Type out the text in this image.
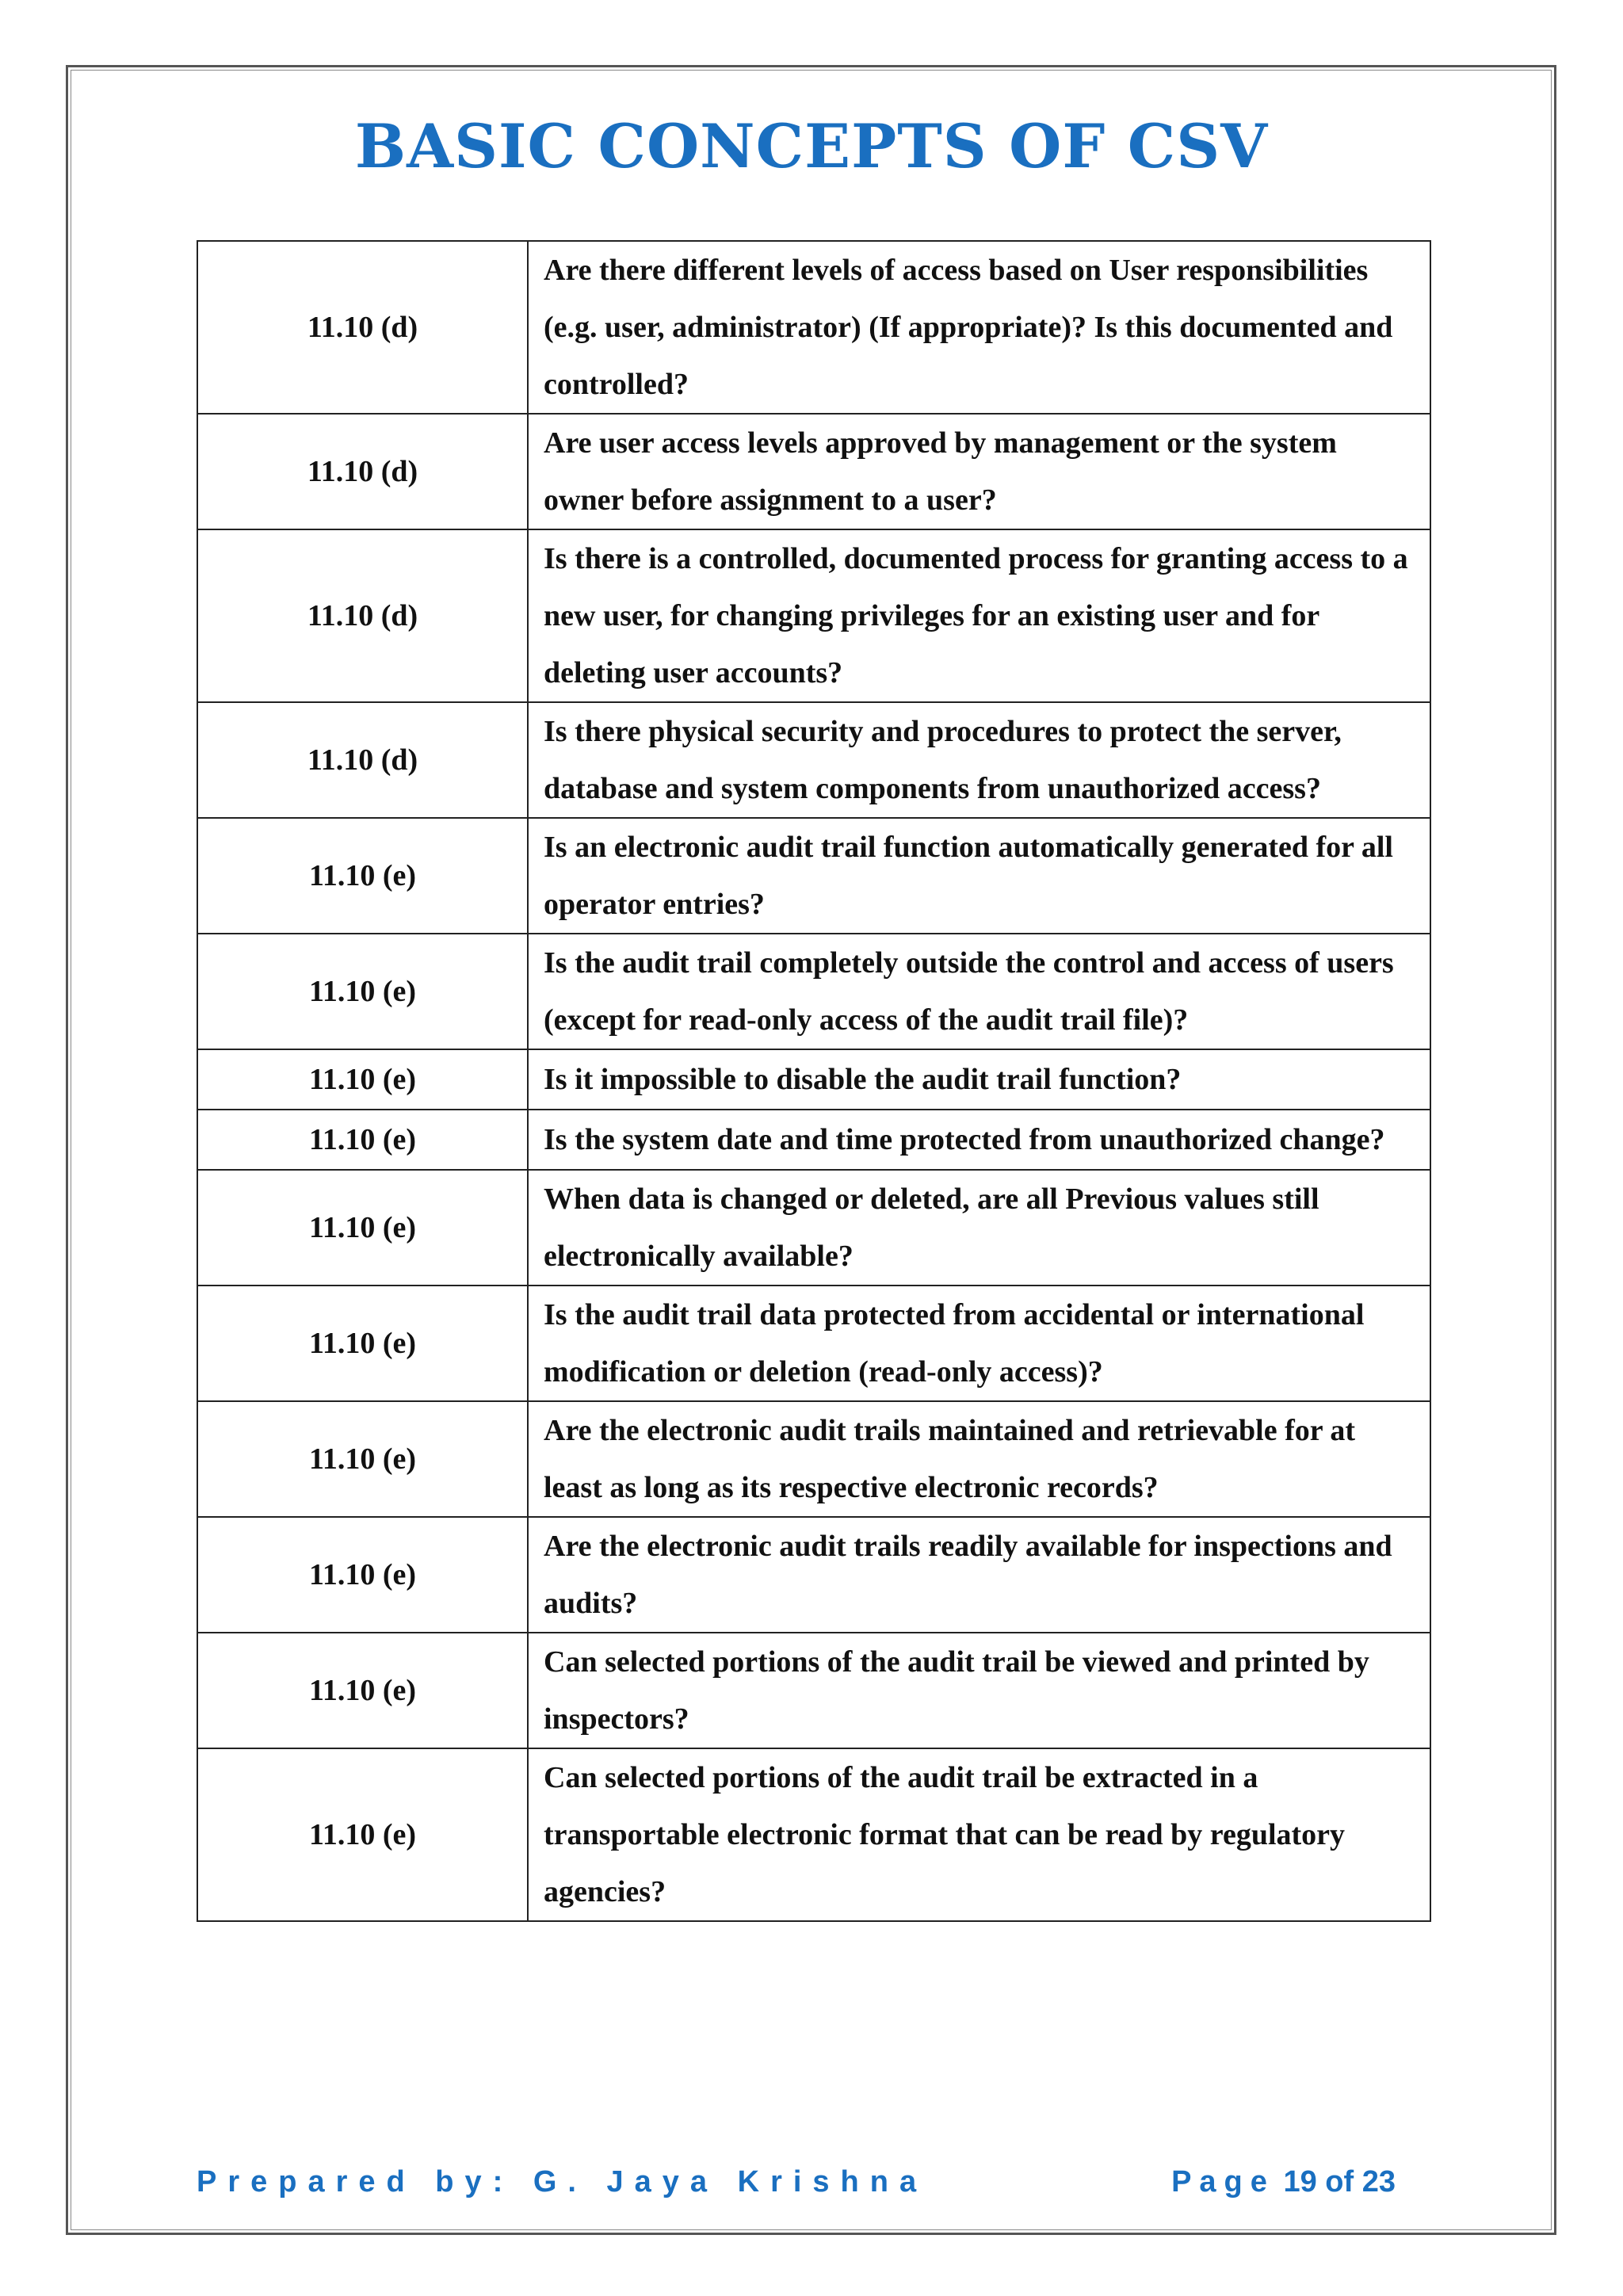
BASIC CONCEPTS OF CSV
11.10 (d)	Are there different levels of access based on User responsibilities (e.g. user, administrator) (If appropriate)? Is this documented and controlled?
11.10 (d)	Are user access levels approved by management or the system owner before assignment to a user?
11.10 (d)	Is there is a controlled, documented process for granting access to a new user, for changing privileges for an existing user and for deleting user accounts?
11.10 (d)	Is there physical security and procedures to protect the server, database and system components from unauthorized access?
11.10 (e)	Is an electronic audit trail function automatically generated for all operator entries?
11.10 (e)	Is the audit trail completely outside the control and access of users (except for read-only access of the audit trail file)?
11.10 (e)	Is it impossible to disable the audit trail function?
11.10 (e)	Is the system date and time protected from unauthorized change?
11.10 (e)	When data is changed or deleted, are all Previous values still electronically available?
11.10 (e)	Is the audit trail data protected from accidental or international modification or deletion (read-only access)?
11.10 (e)	Are the electronic audit trails maintained and retrievable for at least as long as its respective electronic records?
11.10 (e)	Are the electronic audit trails readily available for inspections and audits?
11.10 (e)	Can selected portions of the audit trail be viewed and printed by inspectors?
11.10 (e)	Can selected portions of the audit trail be extracted in a transportable electronic format that can be read by regulatory agencies?
Prepared by: G. Jaya Krishna	Page 19 of 23
